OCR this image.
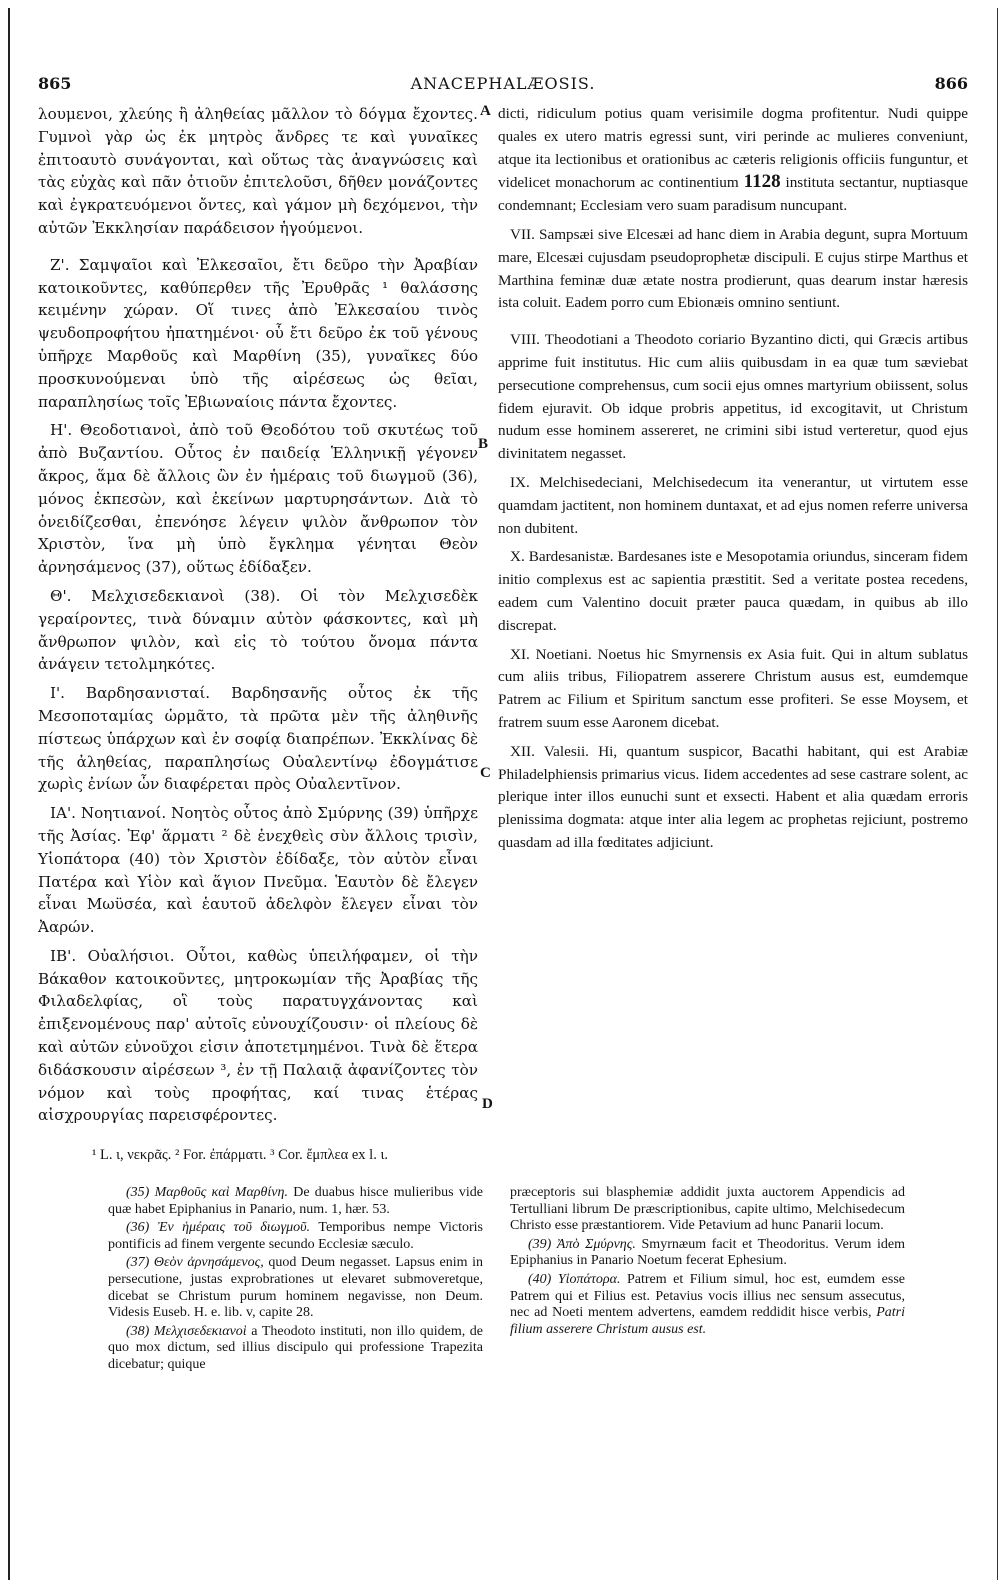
865	ANACEPHALÆOSIS.	866

λουμενοι, χλεύης ἢ ἀληθείας μᾶλλον τὸ δόγμα ἔχοντες. Γυμνοὶ γὰρ ὡς ἐκ μητρὸς ἄνδρες τε καὶ γυναῖκες ἐπιτοαυτὸ συνάγονται, καὶ οὕτως τὰς ἀναγνώσεις καὶ τὰς εὐχὰς καὶ πᾶν ὁτιοῦν ἐπιτελοῦσι, δῆθεν μονάζοντες καὶ ἐγκρατευόμενοι ὄντες, καὶ γάμον μὴ δεχόμενοι, τὴν αὐτῶν Ἐκκλησίαν παράδεισον ἡγούμενοι.

Ζ'. Σαμψαῖοι καὶ Ἐλκεσαῖοι, ἔτι δεῦρο τὴν Ἀραβίαν κατοικοῦντες, καθύπερθεν τῆς Ἐρυθρᾶς ¹ θαλάσσης κειμένην χώραν. Οἵ τινες ἀπὸ Ἐλκεσαίου τινὸς ψευδοπροφήτου ἠπατημένοι· οὗ ἔτι δεῦρο ἐκ τοῦ γένους ὑπῆρχε Μαρθοῦς καὶ Μαρθίνη (35), γυναῖκες δύο προσκυνούμεναι ὑπὸ τῆς αἱρέσεως ὡς θεῖαι, παραπλησίως τοῖς Ἐβιωναίοις πάντα ἔχοντες.

Η'. Θεοδοτιανοὶ, ἀπὸ τοῦ Θεοδότου τοῦ σκυτέως τοῦ ἀπὸ Βυζαντίου. Οὗτος ἐν παιδείᾳ Ἑλληνικῇ γέγονεν ἄκρος, ἅμα δὲ ἄλλοις ὢν ἐν ἡμέραις τοῦ διωγμοῦ (36), μόνος ἐκπεσὼν, καὶ ἐκείνων μαρτυρησάντων. Διὰ τὸ ὀνειδίζεσθαι, ἐπενόησε λέγειν ψιλὸν ἄνθρωπον τὸν Χριστὸν, ἵνα μὴ ὑπὸ ἔγκλημα γένηται Θεὸν ἀρνησάμενος (37), οὕτως ἐδίδαξεν.

Θ'. Μελχισεδεκιανοὶ (38). Οἱ τὸν Μελχισεδὲκ γεραίροντες, τινὰ δύναμιν αὐτὸν φάσκοντες, καὶ μὴ ἄνθρωπον ψιλὸν, καὶ εἰς τὸ τούτου ὄνομα πάντα ἀνάγειν τετολμηκότες.

Ι'. Βαρδησανισταί. Βαρδησανῆς οὗτος ἐκ τῆς Μεσοποταμίας ὡρμᾶτο, τὰ πρῶτα μὲν τῆς ἀληθινῆς πίστεως ὑπάρχων καὶ ἐν σοφίᾳ διαπρέπων. Ἐκκλίνας δὲ τῆς ἀληθείας, παραπλησίως Οὐαλεντίνῳ ἐδογμάτισε χωρὶς ἐνίων ὧν διαφέρεται πρὸς Οὐαλεντῖνον.

ΙΑ'. Νοητιανοί. Νοητὸς οὗτος ἀπὸ Σμύρνης (39) ὑπῆρχε τῆς Ἀσίας. Ἐφ' ἅρματι ² δὲ ἐνεχθεὶς σὺν ἄλλοις τρισὶν, Υἱοπάτορα (40) τὸν Χριστὸν ἐδίδαξε, τὸν αὐτὸν εἶναι Πατέρα καὶ Υἱὸν καὶ ἅγιον Πνεῦμα. Ἑαυτὸν δὲ ἔλεγεν εἶναι Μωϋσέα, καὶ ἑαυτοῦ ἀδελφὸν ἔλεγεν εἶναι τὸν Ἀαρών.

ΙΒ'. Οὐαλήσιοι. Οὗτοι, καθὼς ὑπειλήφαμεν, οἱ τὴν Βάκαθον κατοικοῦντες, μητροκωμίαν τῆς Ἀραβίας τῆς Φιλαδελφίας, οἳ τοὺς παρατυγχάνοντας καὶ ἐπιξενομένους παρ' αὐτοῖς εὐνουχίζουσιν· οἱ πλείους δὲ καὶ αὐτῶν εὐνοῦχοι εἰσιν ἀποτετμημένοι. Τινὰ δὲ ἕτερα διδάσκουσιν αἱρέσεων ³, ἐν τῇ Παλαιᾷ ἀφανίζοντες τὸν νόμον καὶ τοὺς προφήτας, καί τινας ἑτέρας αἰσχρουργίας παρεισφέροντες.

A
B
C
D

dicti, ridiculum potius quam verisimile dogma profitentur. Nudi quippe quales ex utero matris egressi sunt, viri perinde ac mulieres conveniunt, atque ita lectionibus et orationibus ac cæteris religionis officiis funguntur, et videlicet monachorum ac continentium 1128 instituta sectantur, nuptiasque condemnant; Ecclesiam vero suam paradisum nuncupant.

VII. Sampsæi sive Elcesæi ad hanc diem in Arabia degunt, supra Mortuum mare, Elcesæi cujusdam pseudoprophetæ discipuli. E cujus stirpe Marthus et Marthina feminæ duæ ætate nostra prodierunt, quas dearum instar hæresis ista coluit. Eadem porro cum Ebionæis omnino sentiunt.

VIII. Theodotiani a Theodoto coriario Byzantino dicti, qui Græcis artibus apprime fuit institutus. Hic cum aliis quibusdam in ea quæ tum sæviebat persecutione comprehensus, cum socii ejus omnes martyrium obiissent, solus fidem ejuravit. Ob idque probris appetitus, id excogitavit, ut Christum nudum esse hominem assereret, ne crimini sibi istud verteretur, quod ejus divinitatem negasset.

IX. Melchisedeciani, Melchisedecum ita venerantur, ut virtutem esse quamdam jactitent, non hominem duntaxat, et ad ejus nomen referre universa non dubitent.

X. Bardesanistæ. Bardesanes iste e Mesopotamia oriundus, sinceram fidem initio complexus est ac sapientia præstitit. Sed a veritate postea recedens, eadem cum Valentino docuit præter pauca quædam, in quibus ab illo discrepat.

XI. Noetiani. Noetus hic Smyrnensis ex Asia fuit. Qui in altum sublatus cum aliis tribus, Filiopatrem asserere Christum ausus est, eumdemque Patrem ac Filium et Spiritum sanctum esse profiteri. Se esse Moysem, et fratrem suum esse Aaronem dicebat.

XII. Valesii. Hi, quantum suspicor, Bacathi habitant, qui est Arabiæ Philadelphiensis primarius vicus. Iidem accedentes ad sese castrare solent, ac plerique inter illos eunuchi sunt et exsecti. Habent et alia quædam erroris plenissima dogmata: atque inter alia legem ac prophetas rejiciunt, postremo quasdam ad illa fœditates adjiciunt.

¹ L. ι, νεκρᾶς. ² For. ἐπάρματι. ³ Cor. ἔμπλεα ex l. ι.

(35) Μαρθοῦς καὶ Μαρθίνη. De duabus hisce mulieribus vide quæ habet Epiphanius in Panario, num. 1, hær. 53.

(36) Ἐν ἡμέραις τοῦ διωγμοῦ. Temporibus nempe Victoris pontificis ad finem vergente secundo Ecclesiæ sæculo.

(37) Θεὸν ἀρνησάμενος, quod Deum negasset. Lapsus enim in persecutione, justas exprobrationes ut elevaret submoveretque, dicebat se Christum purum hominem negavisse, non Deum. Videsis Euseb. H. e. lib. v, capite 28.

(38) Μελχισεδεκιανοὶ a Theodoto instituti, non illo quidem, de quo mox dictum, sed illius discipulo qui professione Trapezita dicebatur; quique

præceptoris sui blasphemiæ addidit juxta auctorem Appendicis ad Tertulliani librum De præscriptionibus, capite ultimo, Melchisedecum Christo esse præstantiorem. Vide Petavium ad hunc Panarii locum.

(39) Ἀπὸ Σμύρνης. Smyrnæum facit et Theodoritus. Verum idem Epiphanius in Panario Noetum fecerat Ephesium.

(40) Υἱοπάτορα. Patrem et Filium simul, hoc est, eumdem esse Patrem qui et Filius est. Petavius vocis illius nec sensum assecutus, nec ad Noeti mentem advertens, eamdem reddidit hisce verbis, Patri filium asserere Christum ausus est.
